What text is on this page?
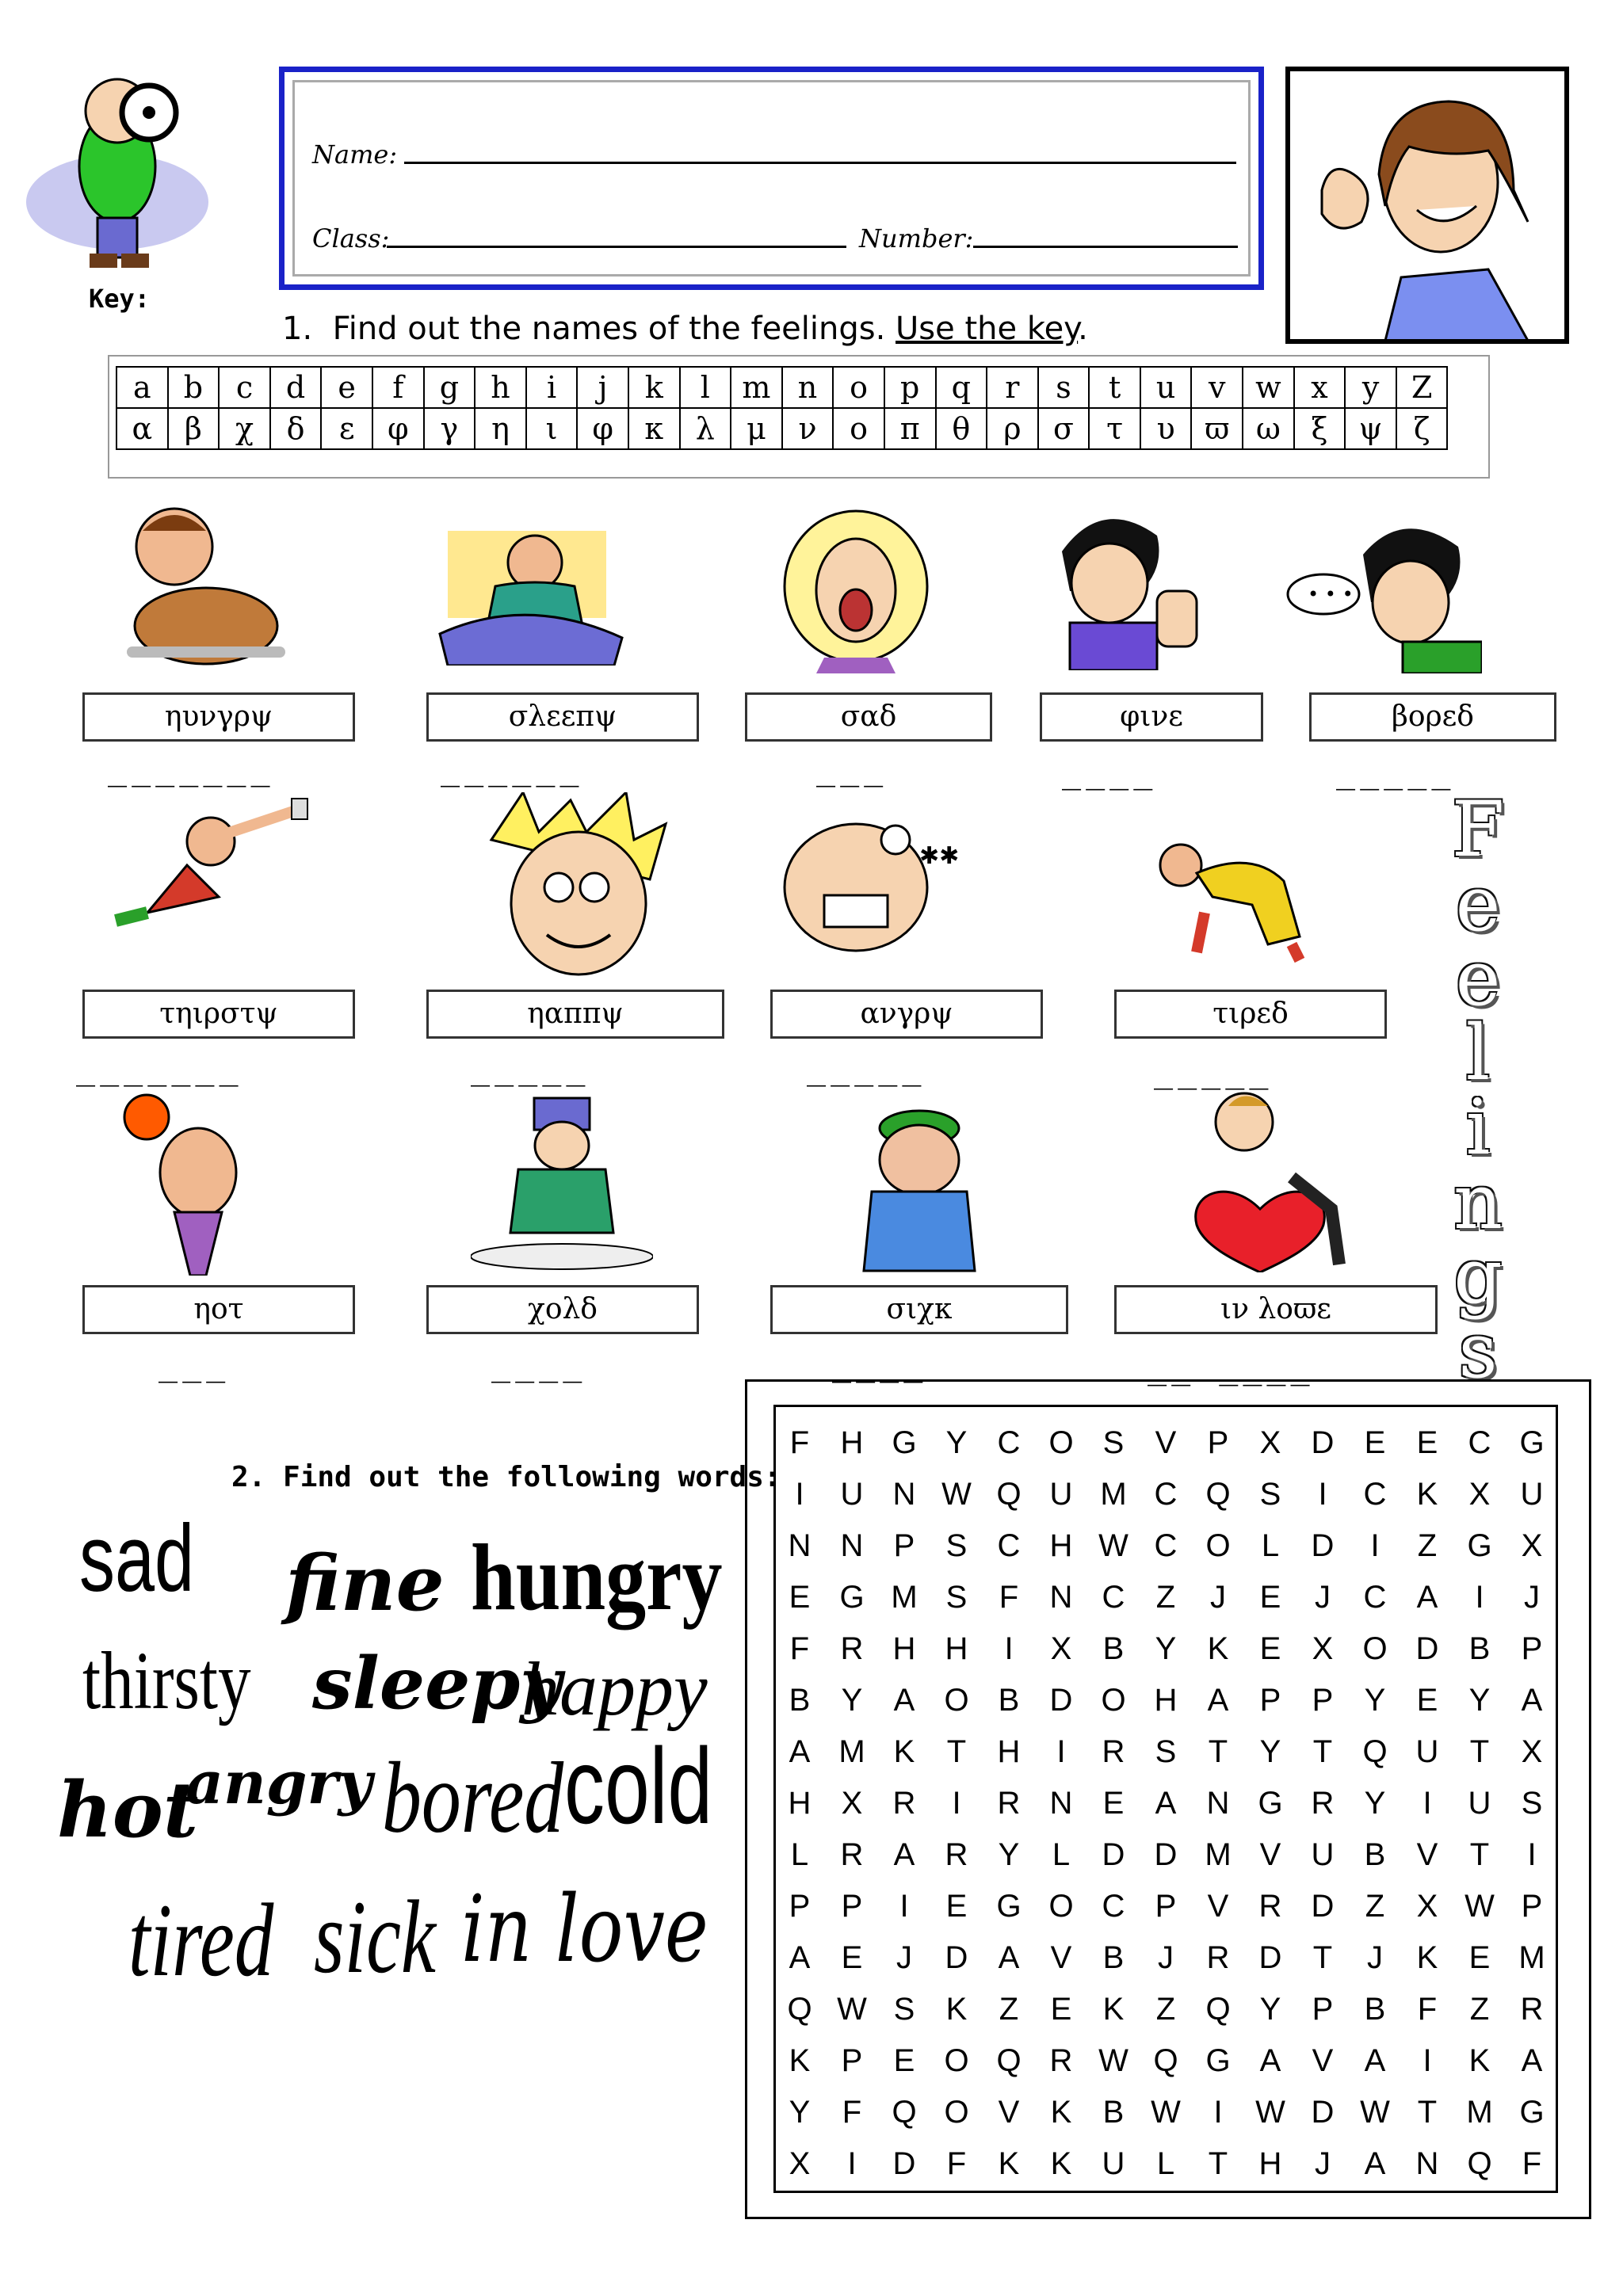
Key:
Name:
Class:	Number:
1. Find out the names of the feelings. Use the key.
a	b	c	d	e	f	g	h	i	j	k	l	m	n	o	p	q	r	s	t	u	v	w	x	y	Z
α	β	χ	δ	ε	φ	γ	η	ι	φ	κ	λ	μ	ν	ο	π	θ	ρ	σ	τ	υ	ϖ	ω	ξ	ψ	ζ
• • •
ηυνγρψ	σλεεπψ	σαδ	φινε	βορεδ
_______	______	___	____	_____
✱✱
τηιρστψ	ηαππψ	ανγρψ	τιρεδ
_______	_____	_____	_____
ηοτ	χολδ	σιχκ	ιν λοϖε
___	____	____	__ ____
F
e
e
l
i
n
g
s
2. Find out the following words:
sad fine hungry
thirsty sleepy
happy
hot
angry bored cold
tired sick in love
F H G Y C O S V P X D E E C G
I	U N W Q U M C Q S	I	C K X U
N N P S C H W C O L	D	I	Z G X
E G M S	F N C Z	J	E	J	C A	I	J
F R H H	I	X B Y K E X O D B P
B Y A O B D O H A P P Y E Y A
A M K	T H	I	R S	T	Y	T Q U T	X
H X R	I	R N E A N G R Y	I	U S
L	R A R Y	L	D D M V U B V	T	I
P P	I	E G O C P V R D Z	X W P
A E	J	D A V B	J	R D T	J	K E M
Q W S K	Z	E K	Z Q Y P B	F	Z R
K P E O Q R W Q G A V A	I	K A
Y	F Q O V K B W	I	W D W T M G
X	I	D F	K K U	L	T H	J	A N Q F
